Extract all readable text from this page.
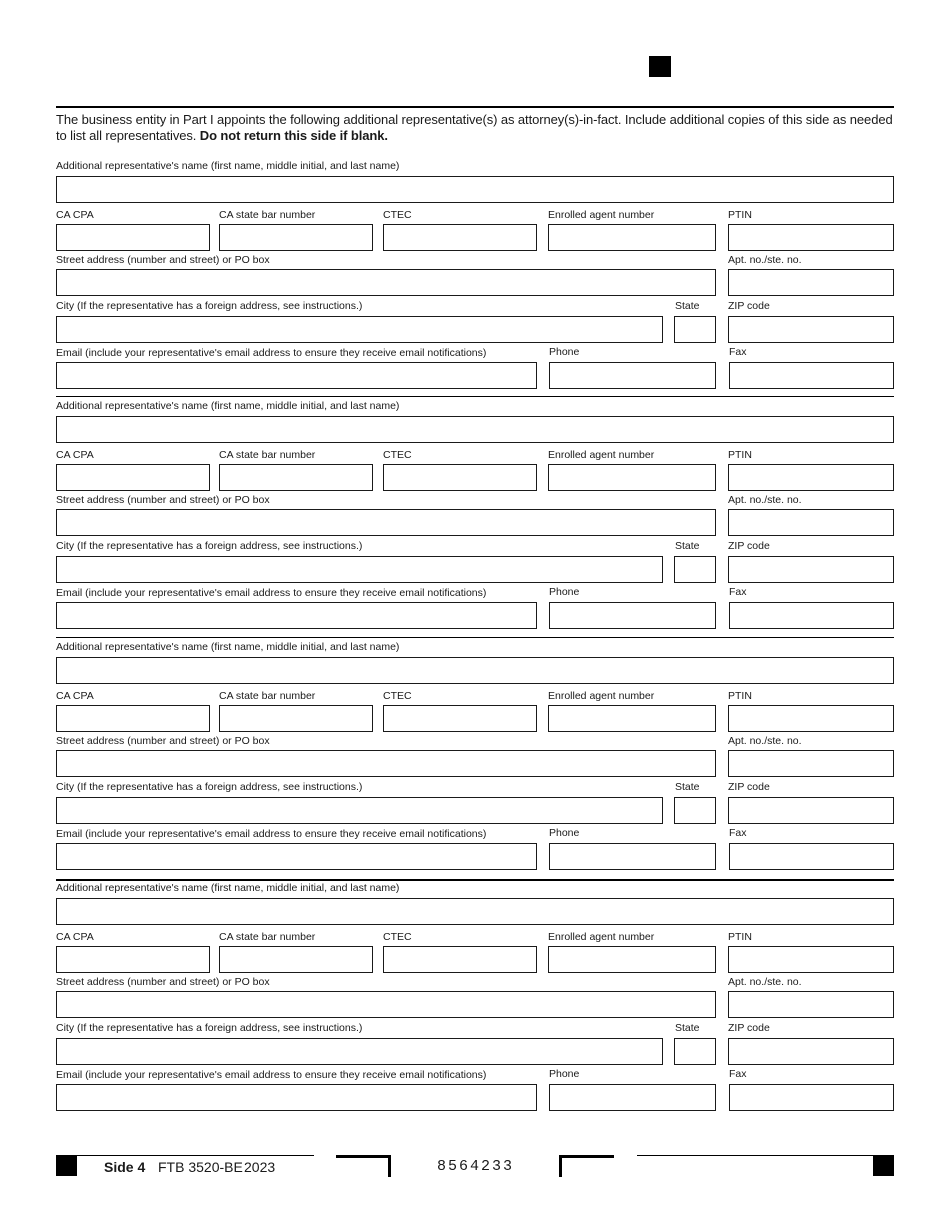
The business entity in Part I appoints the following additional representative(s) as attorney(s)-in-fact. Include additional copies of this side as needed to list all representatives. Do not return this side if blank.
Additional representative's name (first name, middle initial, and last name)
CA CPA	CA state bar number	CTEC	Enrolled agent number	PTIN
Street address (number and street) or PO box	Apt. no./ste. no.
City (If the representative has a foreign address, see instructions.)	State	ZIP code
Email (include your representative's email address to ensure they receive email notifications)	Phone	Fax
Additional representative's name (first name, middle initial, and last name)
CA CPA	CA state bar number	CTEC	Enrolled agent number	PTIN
Street address (number and street) or PO box	Apt. no./ste. no.
City (If the representative has a foreign address, see instructions.)	State	ZIP code
Email (include your representative's email address to ensure they receive email notifications)	Phone	Fax
Additional representative's name (first name, middle initial, and last name)
CA CPA	CA state bar number	CTEC	Enrolled agent number	PTIN
Street address (number and street) or PO box	Apt. no./ste. no.
City (If the representative has a foreign address, see instructions.)	State	ZIP code
Email (include your representative's email address to ensure they receive email notifications)	Phone	Fax
Additional representative's name (first name, middle initial, and last name)
CA CPA	CA state bar number	CTEC	Enrolled agent number	PTIN
Street address (number and street) or PO box	Apt. no./ste. no.
City (If the representative has a foreign address, see instructions.)	State	ZIP code
Email (include your representative's email address to ensure they receive email notifications)	Phone	Fax
Side 4 FTB 3520-BE 2023	8564233
